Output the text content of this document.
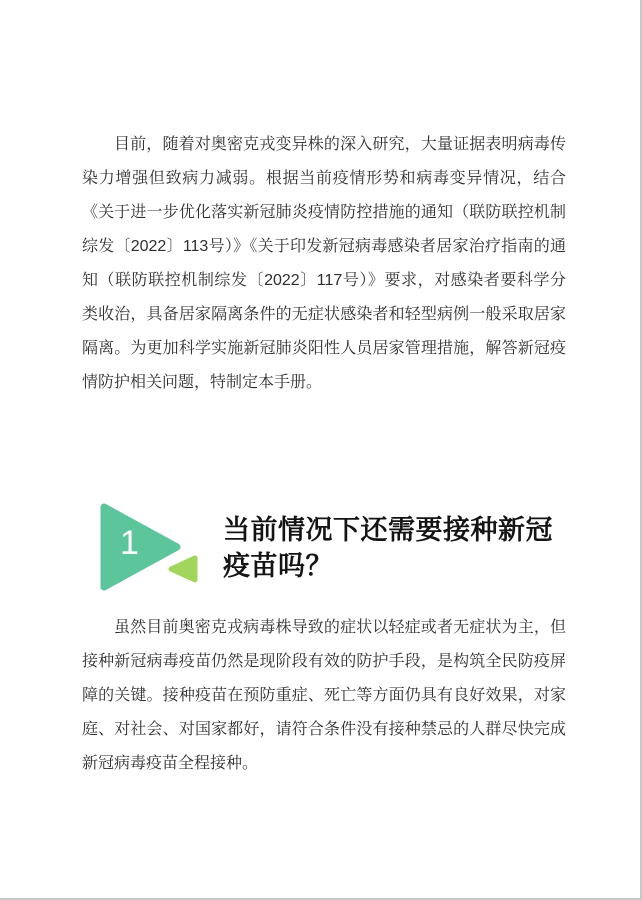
目前，随着对奥密克戎变异株的深入研究，大量证据表明病毒传染力增强但致病力减弱。根据当前疫情形势和病毒变异情况，结合《关于进一步优化落实新冠肺炎疫情防控措施的通知（联防联控机制综发〔2022〕113号）》《关于印发新冠病毒感染者居家治疗指南的通知（联防联控机制综发〔2022〕117号）》要求，对感染者要科学分类收治，具备居家隔离条件的无症状感染者和轻型病例一般采取居家隔离。为更加科学实施新冠肺炎阳性人员居家管理措施，解答新冠疫情防护相关问题，特制定本手册。

1	当前情况下还需要接种新冠疫苗吗？

虽然目前奥密克戎病毒株导致的症状以轻症或者无症状为主，但接种新冠病毒疫苗仍然是现阶段有效的防护手段，是构筑全民防疫屏障的关键。接种疫苗在预防重症、死亡等方面仍具有良好效果，对家庭、对社会、对国家都好，请符合条件没有接种禁忌的人群尽快完成新冠病毒疫苗全程接种。
